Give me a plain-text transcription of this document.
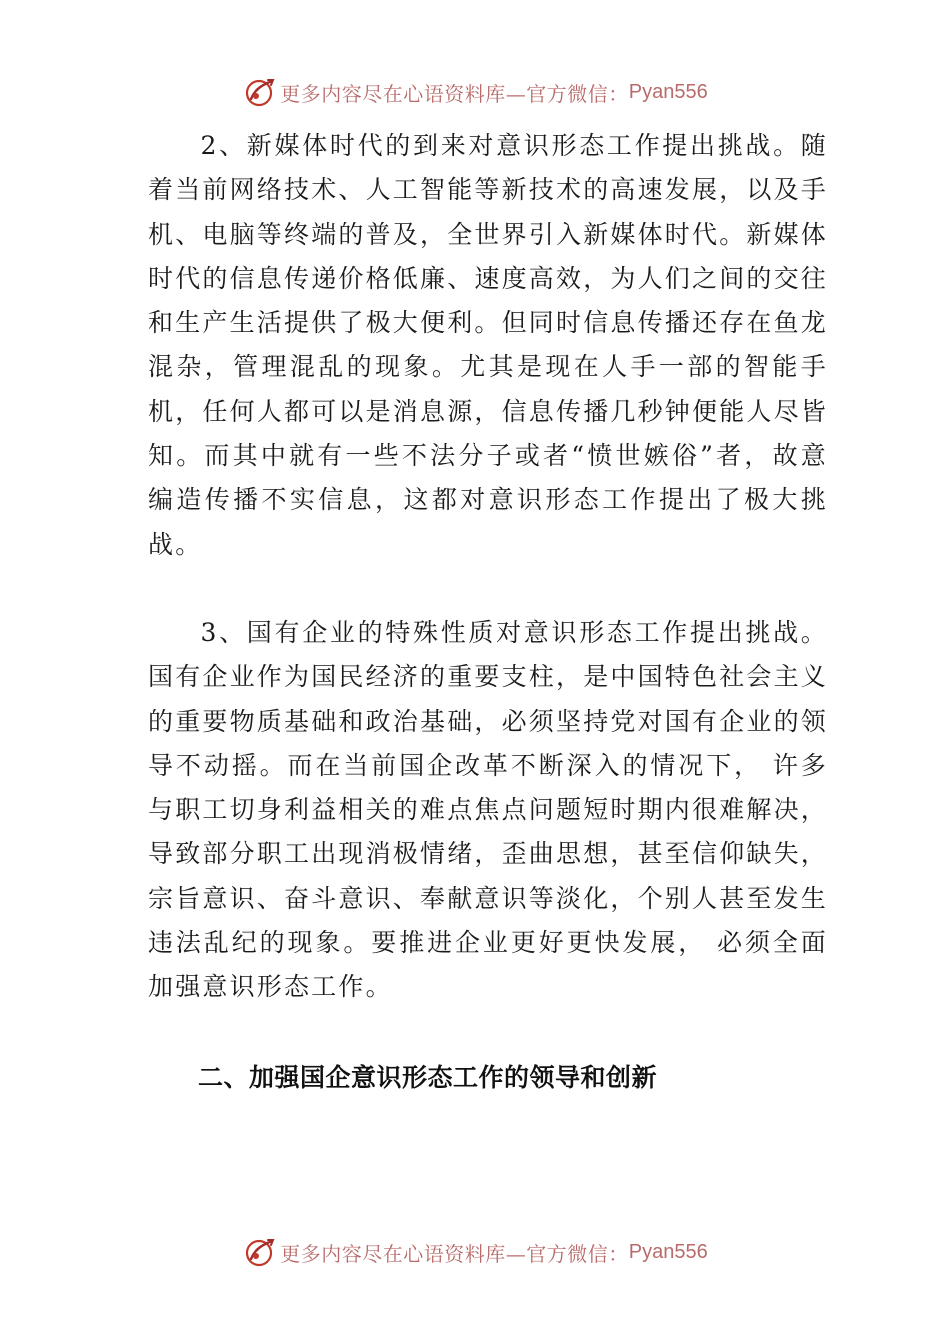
更多内容尽在心语资料库—官方微信： Pyan556

2、新媒体时代的到来对意识形态工作提出挑战。随着当前网络技术、人工智能等新技术的高速发展，以及手机、电脑等终端的普及，全世界引入新媒体时代。新媒体时代的信息传递价格低廉、速度高效，为人们之间的交往和生产生活提供了极大便利。但同时信息传播还存在鱼龙混杂，管理混乱的现象。尤其是现在人手一部的智能手机，任何人都可以是消息源，信息传播几秒钟便能人尽皆知。而其中就有一些不法分子或者“愤世嫉俗”者，故意编造传播不实信息，这都对意识形态工作提出了极大挑战。

3、国有企业的特殊性质对意识形态工作提出挑战。国有企业作为国民经济的重要支柱，是中国特色社会主义的重要物质基础和政治基础，必须坚持党对国有企业的领导不动摇。而在当前国企改革不断深入的情况下， 许多与职工切身利益相关的难点焦点问题短时期内很难解决，导致部分职工出现消极情绪，歪曲思想，甚至信仰缺失，宗旨意识、奋斗意识、奉献意识等淡化，个别人甚至发生违法乱纪的现象。要推进企业更好更快发展， 必须全面加强意识形态工作。

二、加强国企意识形态工作的领导和创新
更多内容尽在心语资料库—官方微信： Pyan556
